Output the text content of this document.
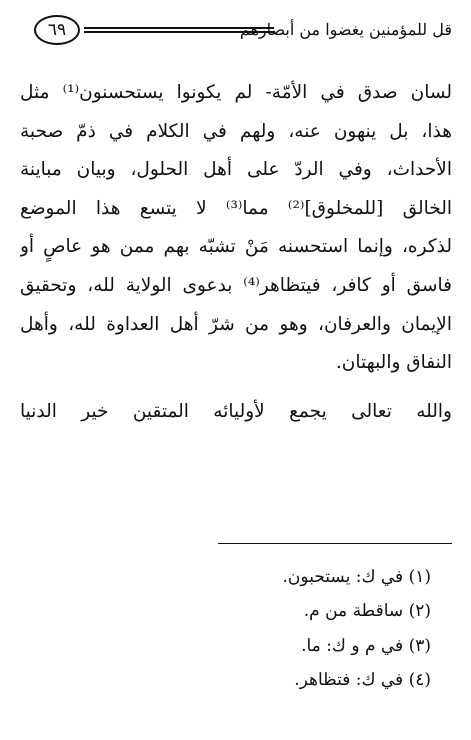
قل للمؤمنين يغضوا من أبصارهم
٦٩
لسان صدق في الأمّة- لم يكونوا يستحسنون⁽¹⁾ مثل
هذا، بل ينهون عنه، ولهم في الكلام في ذمّ صحبة
الأحداث، وفي الردّ على أهل الحلول، وبيان مباينة
الخالق [للمخلوق]⁽²⁾ مما⁽³⁾ لا يتسع هذا الموضع
لذكره، وإنما استحسنه مَنْ تشبّه بهم ممن هو عاصٍ أو
فاسق أو كافر، فيتظاهر⁽⁴⁾ بدعوى الولاية لله، وتحقيق
الإيمان والعرفان، وهو من شرّ أهل العداوة لله، وأهل
النفاق والبهتان.
والله تعالى يجمع لأوليائه المتقين خير الدنيا
(١) في ك: يستحبون.
(٢) ساقطة من م.
(٣) في م و ك: ما.
(٤) في ك: فتظاهر.
